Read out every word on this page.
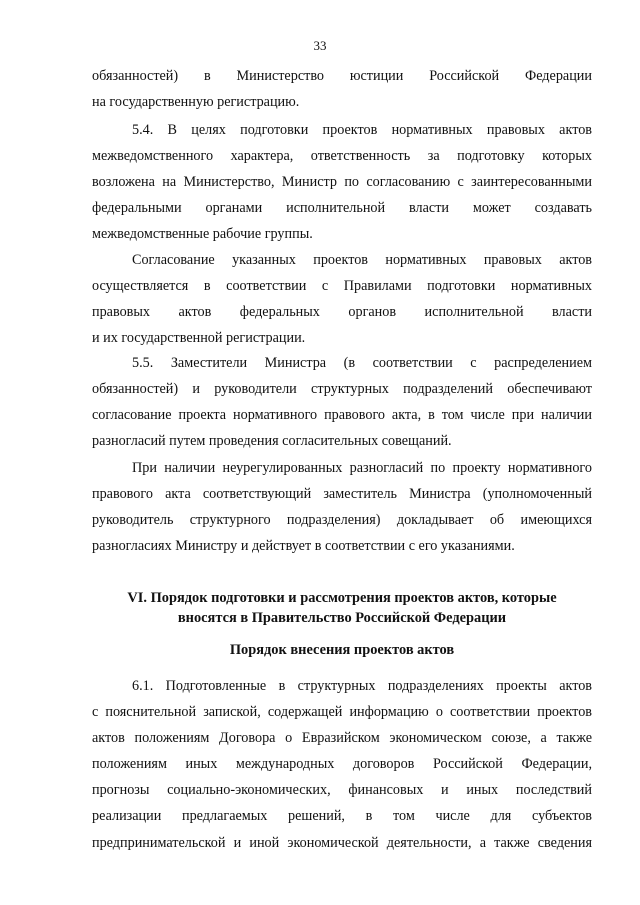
33
обязанностей) в Министерство юстиции Российской Федерации
на государственную регистрацию.
5.4. В целях подготовки проектов нормативных правовых актов
межведомственного характера, ответственность за подготовку которых
возложена на Министерство, Министр по согласованию с заинтересованными
федеральными органами исполнительной власти может создавать
межведомственные рабочие группы.
Согласование указанных проектов нормативных правовых актов
осуществляется в соответствии с Правилами подготовки нормативных
правовых актов федеральных органов исполнительной власти
и их государственной регистрации.
5.5. Заместители Министра (в соответствии с распределением
обязанностей) и руководители структурных подразделений обеспечивают
согласование проекта нормативного правового акта, в том числе при наличии
разногласий путем проведения согласительных совещаний.
При наличии неурегулированных разногласий по проекту нормативного
правового акта соответствующий заместитель Министра (уполномоченный
руководитель структурного подразделения) докладывает об имеющихся
разногласиях Министру и действует в соответствии с его указаниями.
VI. Порядок подготовки и рассмотрения проектов актов, которые
вносятся в Правительство Российской Федерации
Порядок внесения проектов актов
6.1. Подготовленные в структурных подразделениях проекты актов
с пояснительной запиской, содержащей информацию о соответствии проектов
актов положениям Договора о Евразийском экономическом союзе, а также
положениям иных международных договоров Российской Федерации,
прогнозы социально-экономических, финансовых и иных последствий
реализации предлагаемых решений, в том числе для субъектов
предпринимательской и иной экономической деятельности, а также сведения
